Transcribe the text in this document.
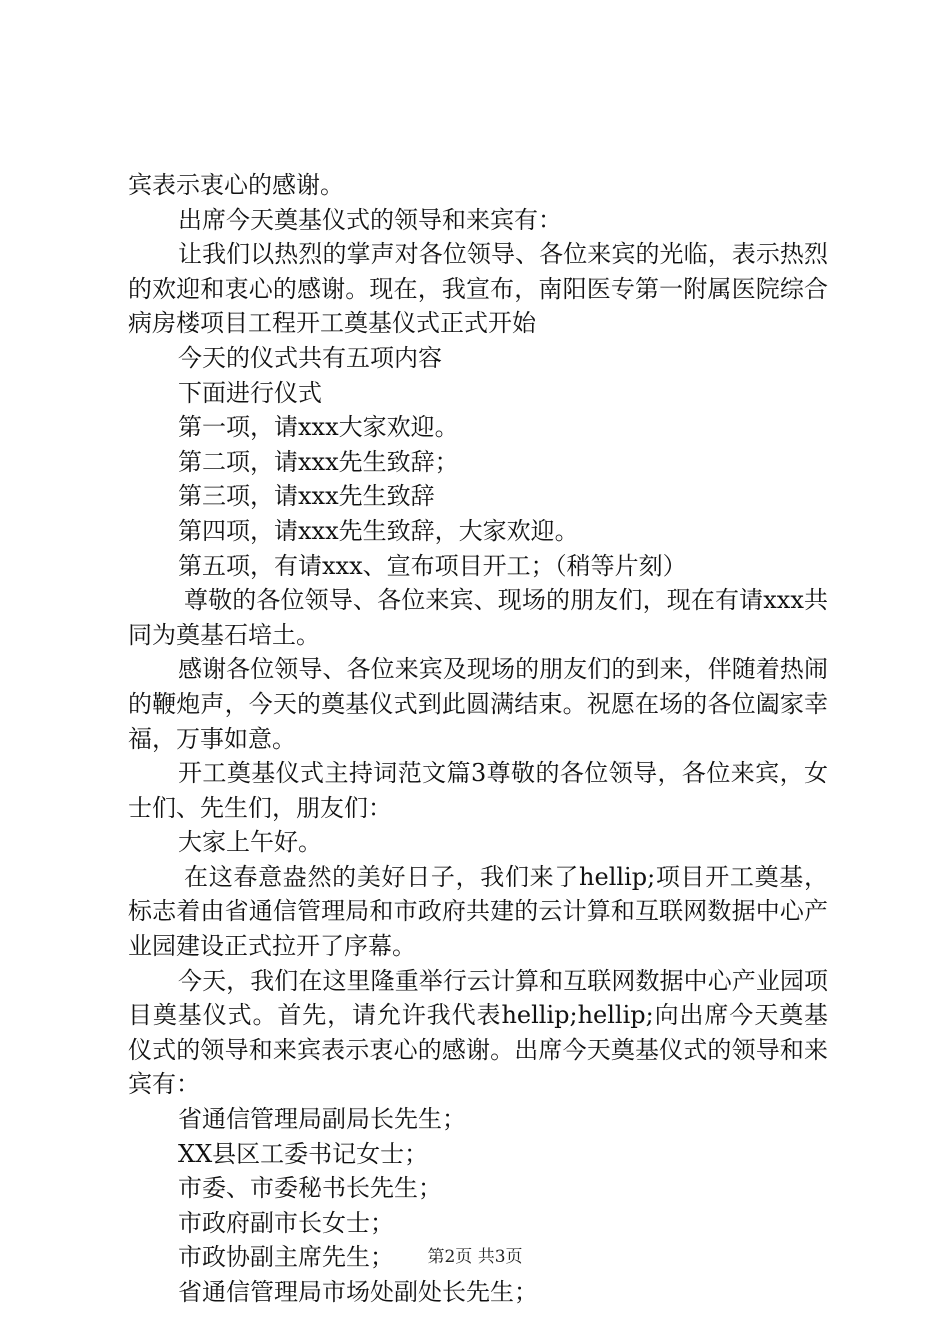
宾表示衷心的感谢。

出席今天奠基仪式的领导和来宾有：

让我们以热烈的掌声对各位领导、各位来宾的光临，表示热烈的欢迎和衷心的感谢。现在，我宣布，南阳医专第一附属医院综合病房楼项目工程开工奠基仪式正式开始

今天的仪式共有五项内容

下面进行仪式

第一项，请xxx大家欢迎。

第二项，请xxx先生致辞；

第三项，请xxx先生致辞

第四项，请xxx先生致辞，大家欢迎。

第五项，有请xxx、宣布项目开工；（稍等片刻）

尊敬的各位领导、各位来宾、现场的朋友们，现在有请xxx共同为奠基石培土。

感谢各位领导、各位来宾及现场的朋友们的到来，伴随着热闹的鞭炮声，今天的奠基仪式到此圆满结束。祝愿在场的各位阖家幸福，万事如意。

开工奠基仪式主持词范文篇3尊敬的各位领导，各位来宾，女士们、先生们，朋友们：

大家上午好。

在这春意盎然的美好日子，我们来了hellip;项目开工奠基，标志着由省通信管理局和市政府共建的云计算和互联网数据中心产业园建设正式拉开了序幕。

今天，我们在这里隆重举行云计算和互联网数据中心产业园项目奠基仪式。首先，请允许我代表hellip;hellip;向出席今天奠基仪式的领导和来宾表示衷心的感谢。出席今天奠基仪式的领导和来宾有：

省通信管理局副局长先生；

XX县区工委书记女士；

市委、市委秘书长先生；

市政府副市长女士；

市政协副主席先生；

省通信管理局市场处副处长先生；

第2页 共3页
